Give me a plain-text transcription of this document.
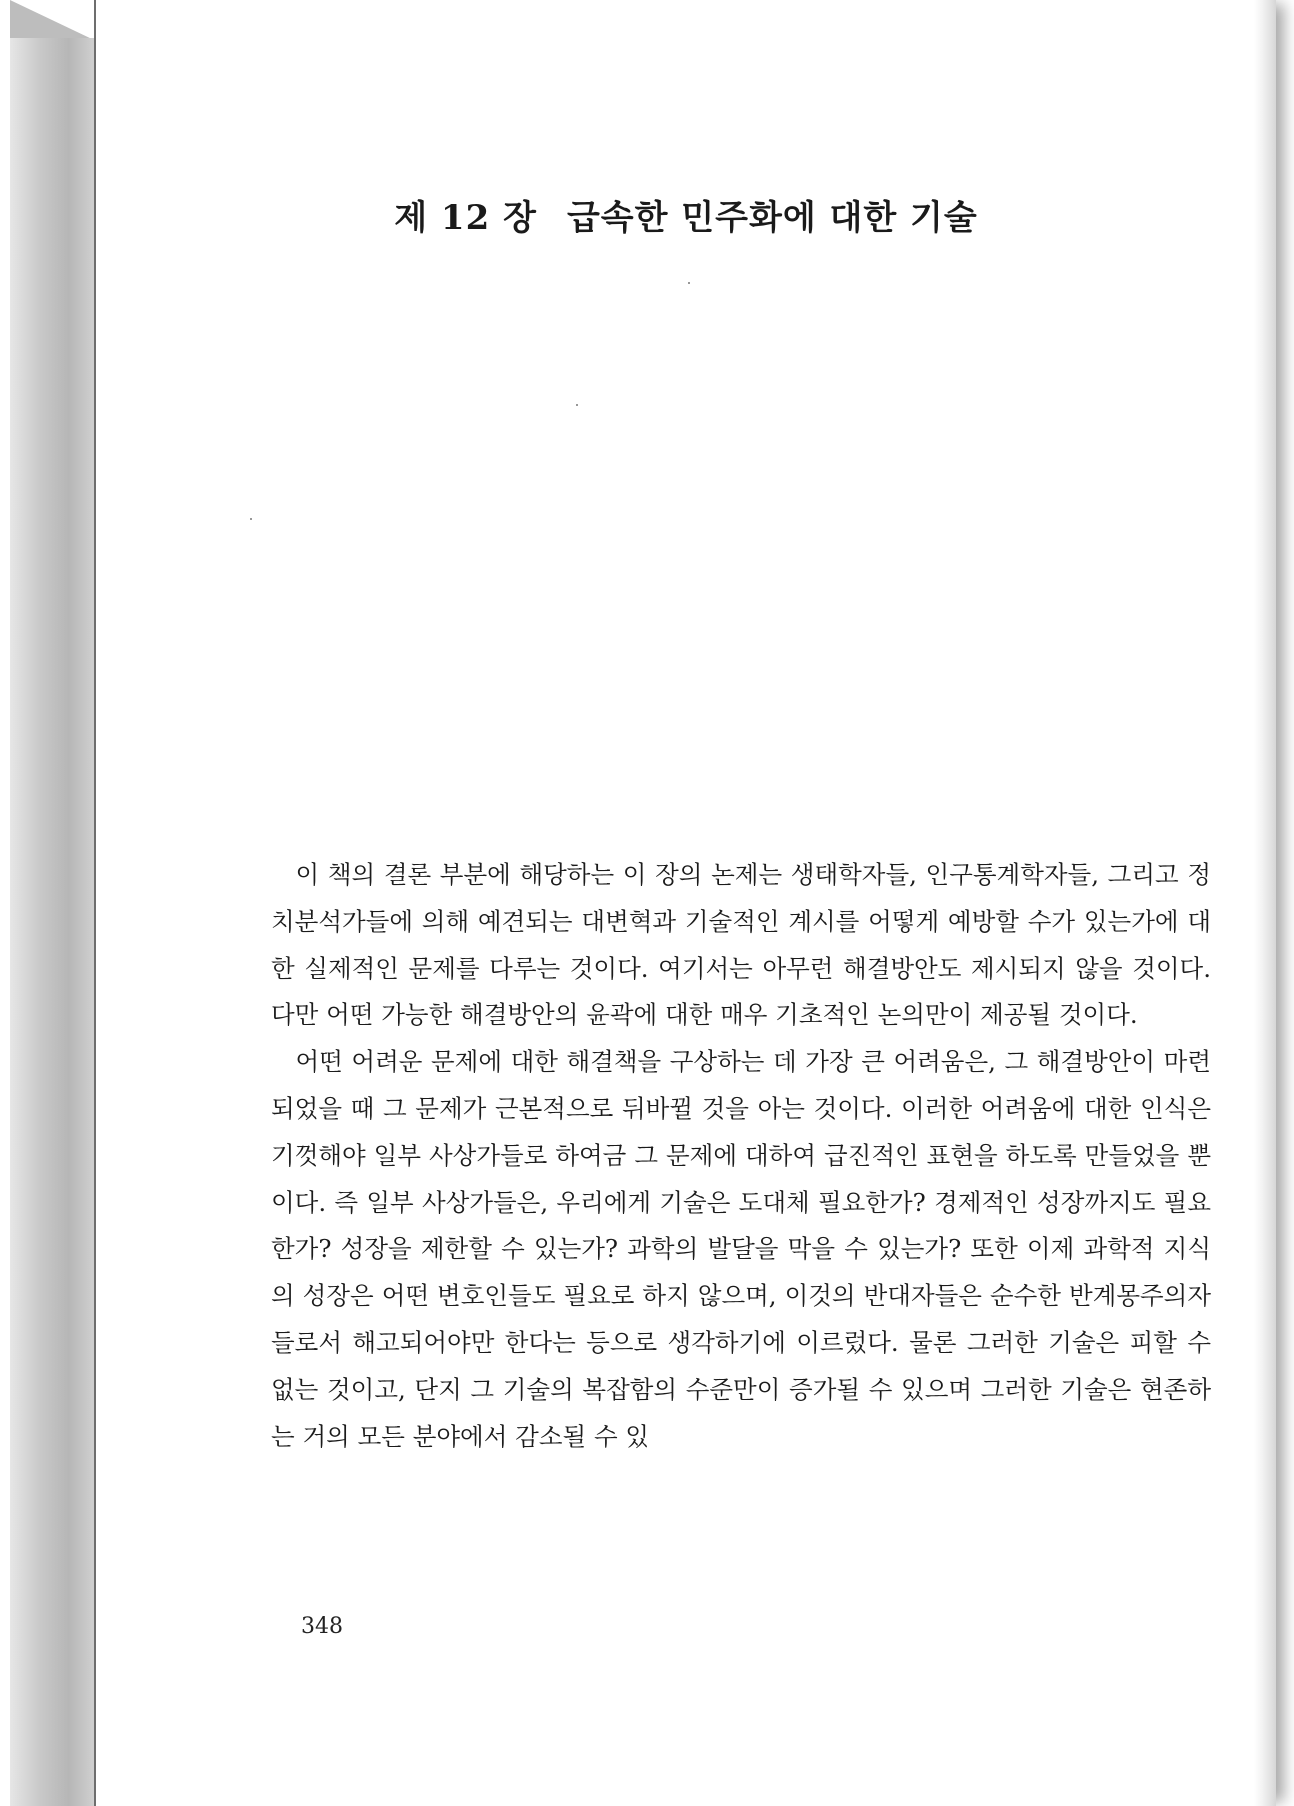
제 12 장 급속한 민주화에 대한 기술

이 책의 결론 부분에 해당하는 이 장의 논제는 생태학자들, 인구통계학자들, 그리고 정치분석가들에 의해 예견되는 대변혁과 기술적인 계시를 어떻게 예방할 수가 있는가에 대한 실제적인 문제를 다루는 것이다. 여기서는 아무런 해결방안도 제시되지 않을 것이다. 다만 어떤 가능한 해결방안의 윤곽에 대한 매우 기초적인 논의만이 제공될 것이다.

어떤 어려운 문제에 대한 해결책을 구상하는 데 가장 큰 어려움은, 그 해결방안이 마련되었을 때 그 문제가 근본적으로 뒤바뀔 것을 아는 것이다. 이러한 어려움에 대한 인식은 기껏해야 일부 사상가들로 하여금 그 문제에 대하여 급진적인 표현을 하도록 만들었을 뿐이다. 즉 일부 사상가들은, 우리에게 기술은 도대체 필요한가? 경제적인 성장까지도 필요한가? 성장을 제한할 수 있는가? 과학의 발달을 막을 수 있는가? 또한 이제 과학적 지식의 성장은 어떤 변호인들도 필요로 하지 않으며, 이것의 반대자들은 순수한 반계몽주의자들로서 해고되어야만 한다는 등으로 생각하기에 이르렀다. 물론 그러한 기술은 피할 수 없는 것이고, 단지 그 기술의 복잡함의 수준만이 증가될 수 있으며 그러한 기술은 현존하는 거의 모든 분야에서 감소될 수 있

348
